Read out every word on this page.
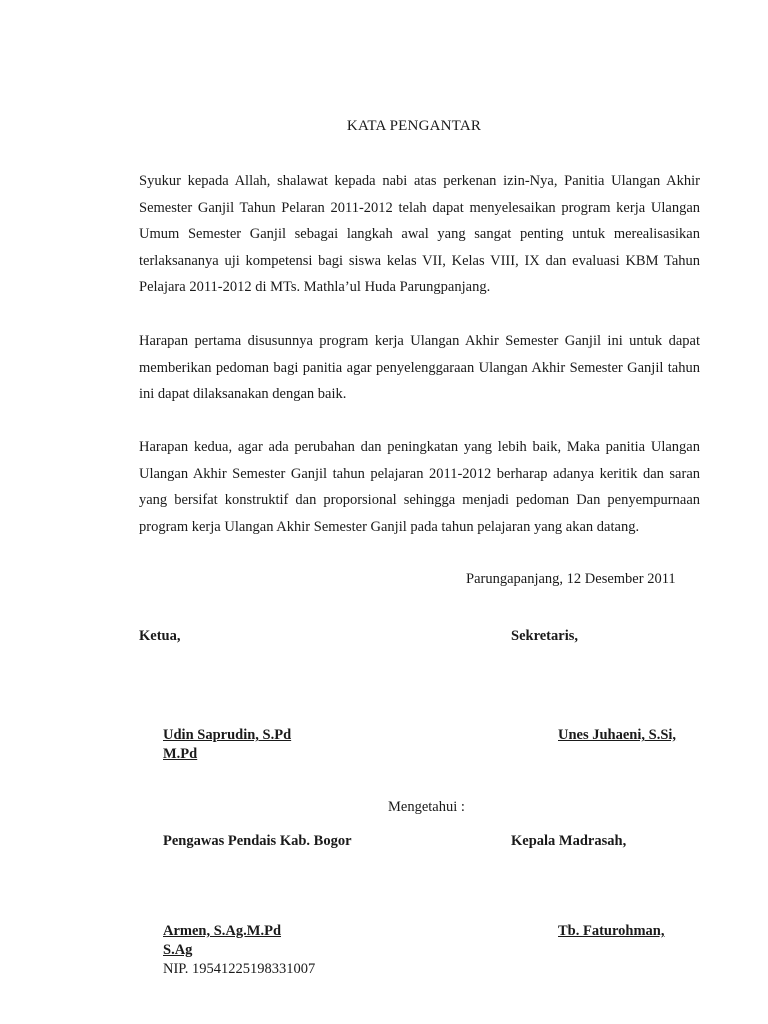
KATA PENGANTAR

Syukur kepada Allah, shalawat kepada nabi atas perkenan izin-Nya, Panitia Ulangan Akhir Semester Ganjil Tahun Pelaran 2011-2012 telah dapat menyelesaikan program kerja Ulangan Umum Semester Ganjil sebagai langkah awal yang sangat penting untuk merealisasikan terlaksananya uji kompetensi bagi siswa kelas VII, Kelas VIII, IX dan evaluasi KBM Tahun Pelajara 2011-2012 di MTs. Mathla’ul Huda Parungpanjang.

Harapan pertama disusunnya program kerja Ulangan Akhir Semester Ganjil ini untuk dapat memberikan pedoman bagi panitia agar penyelenggaraan Ulangan Akhir Semester Ganjil tahun ini dapat dilaksanakan dengan baik.

Harapan kedua, agar ada perubahan dan peningkatan yang lebih baik, Maka panitia Ulangan Ulangan Akhir Semester Ganjil tahun pelajaran 2011-2012 berharap adanya keritik dan saran yang bersifat konstruktif dan proporsional sehingga menjadi pedoman Dan penyempurnaan program kerja Ulangan Akhir Semester Ganjil pada tahun pelajaran yang akan datang.

Parungapanjang, 12 Desember 2011
Ketua,	Sekretaris,
Udin Saprudin, S.Pd
M.Pd
Unes Juhaeni, S.Si,
Mengetahui :
Pengawas Pendais Kab. Bogor	Kepala Madrasah,
Armen, S.Ag.M.Pd
S.Ag
NIP. 19541225198331007
Tb. Faturohman,
